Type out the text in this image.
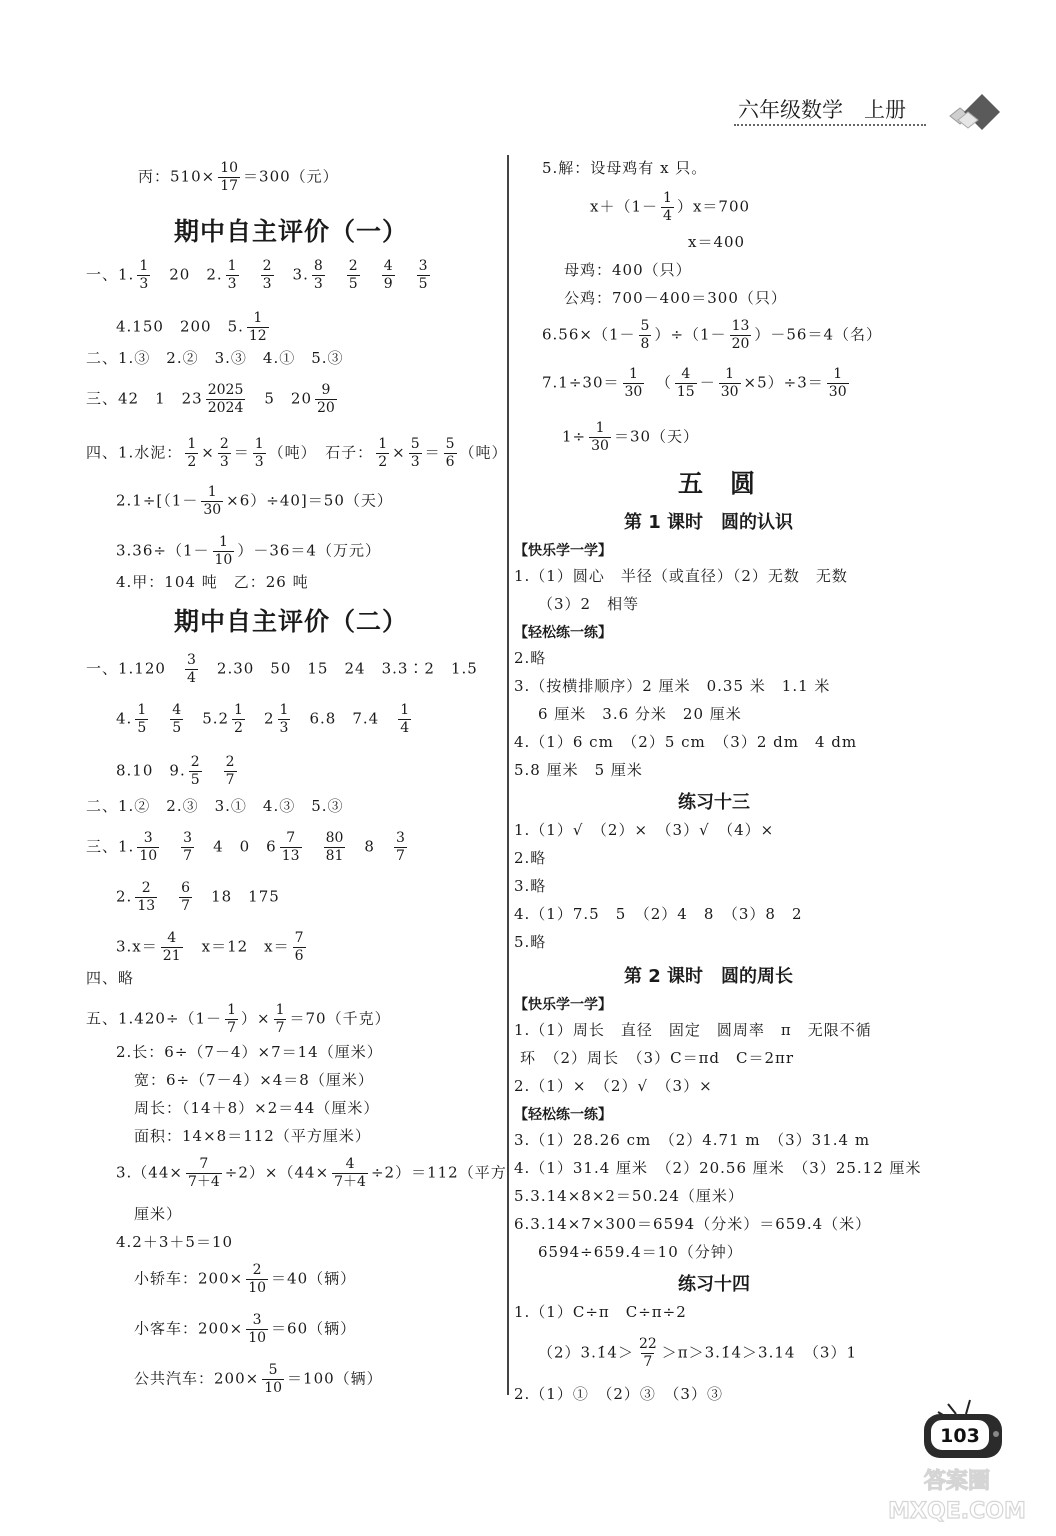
六年级数学　上册
丙：$510\times \frac{10}{17} =300$（元）
期中自主评价（一）
一、1. $\frac{1}{3}$
　 20　2. $\frac{1}{3}$
　 $\frac{2}{3}$
　 3. $\frac{8}{3}$
　 $\frac{2}{5}$
　 $\frac{4}{9}$
　 $\frac{3}{5}$
4.150　200　5. $\frac{1}{12}$
二、1.③　2.②　3.③　4.①　5.③
三、42　1　$23 \frac{2025}{2024}$
　 5　$20 \frac{9}{20}$
四、1.水泥： $\frac{1}{2} \times \frac{2}{3} = \frac{1}{3}$ （吨）　石子： $\frac{1}{2} \times \frac{5}{3} = \frac{5}{6}$ （吨）
$2.1\div[(1- \frac{1}{30} \times 6)\div 40]=50$（天）
$3.36\div(1- \frac{1}{10} )-36=4$（万元）
4.甲：104 吨　乙：26 吨
期中自主评价（二）
一、1.120　 $\frac{3}{4}$
　 2.30　50　15　24　3.3∶2　1.5
4. $\frac{1}{5}$
　 $\frac{4}{5}$
　 $5.2 \frac{1}{2}$
　 $2 \frac{1}{3}$
　 6.8　7.4　 $\frac{1}{4}$
8.10　9. $\frac{2}{5}$
　 $\frac{2}{7}$
二、1.②　2.③　3.①　4.③　5.③
三、1. $\frac{3}{10}$
　 $\frac{3}{7}$
　 4　0　$6 \frac{7}{13}$
　 $\frac{80}{81}$
　 8　 $\frac{3}{7}$
2. $\frac{2}{13}$
　 $\frac{6}{7}$
　 18　175
$3.x= \frac{4}{21}$
　 x＝12　$x= \frac{7}{6}$
四、略
五、$1.420\div(1- \frac{1}{7}$ ）× $\frac{1}{7} =70$（千克）
2.长：6÷（7－4）×7＝14（厘米）
宽：6÷（7－4）×4＝8（厘米）
周长：（14＋8）×2＝44（厘米）
面积：14×8＝112（平方厘米）
$3.(44\times \frac{7}{7+4} \div 2)\times(44\times \frac{4}{7+4} \div 2)=112$（平方
厘米）
4.2＋3＋5＝10
小轿车：$200\times \frac{2}{10} =40$（辆）
小客车：$200\times \frac{3}{10} =60$（辆）
公共汽车：$200\times \frac{5}{10} =100$（辆）
5.解：设母鸡有 x 只。
$x+(1- \frac{1}{4} )x=700$
x＝400
母鸡：400（只）
公鸡：700－400＝300（只）
$6.56\times(1- \frac{5}{8} )\div(1- \frac{13}{20} )-56=4$（名）
$7.1\div 30= \frac{1}{30}$
　 （ $\frac{4}{15} - \frac{1}{30} \times 5)\div 3= \frac{1}{30}$
$1\div \frac{1}{30} =30$（天）
五　圆
第 1 课时　圆的认识
【快乐学一学】
1.（1）圆心　半径（或直径）（2）无数　无数
（3）2　相等
【轻松练一练】
2.略
3.（按横排顺序）2 厘米　0.35 米　1.1 米
6 厘米　3.6 分米　20 厘米
4.（1）6 cm　（2）5 cm　（3）2 dm　4 dm
5.8 厘米　5 厘米
练习十三
1.（1）√　（2）×　（3）√　（4）×
2.略
3.略
4.（1）7.5　5　（2）4　8　（3）8　2
5.略
第 2 课时　圆的周长
【快乐学一学】
1.（1）周长　直径　固定　圆周率　π　无限不循
环　（2）周长　（3）C＝πd　C＝2πr
2.（1）×　（2）√　（3）×
【轻松练一练】
3.（1）28.26 cm　（2）4.71 m　（3）31.4 m
4.（1）31.4 厘米　（2）20.56 厘米　（3）25.12 厘米
5.3.14×8×2＝50.24（厘米）
6.3.14×7×300＝6594（分米）＝659.4（米）
6594÷659.4＝10（分钟）
练习十四
1.（1）C÷π　C÷π÷2
（2）3.1̇4̇＞ $\frac{22}{7}$ ＞π＞3.1̇4̇＞3.14　（3）1
2.（1）①　（2）③　（3）③
103
答案圈
MXQE.COM
